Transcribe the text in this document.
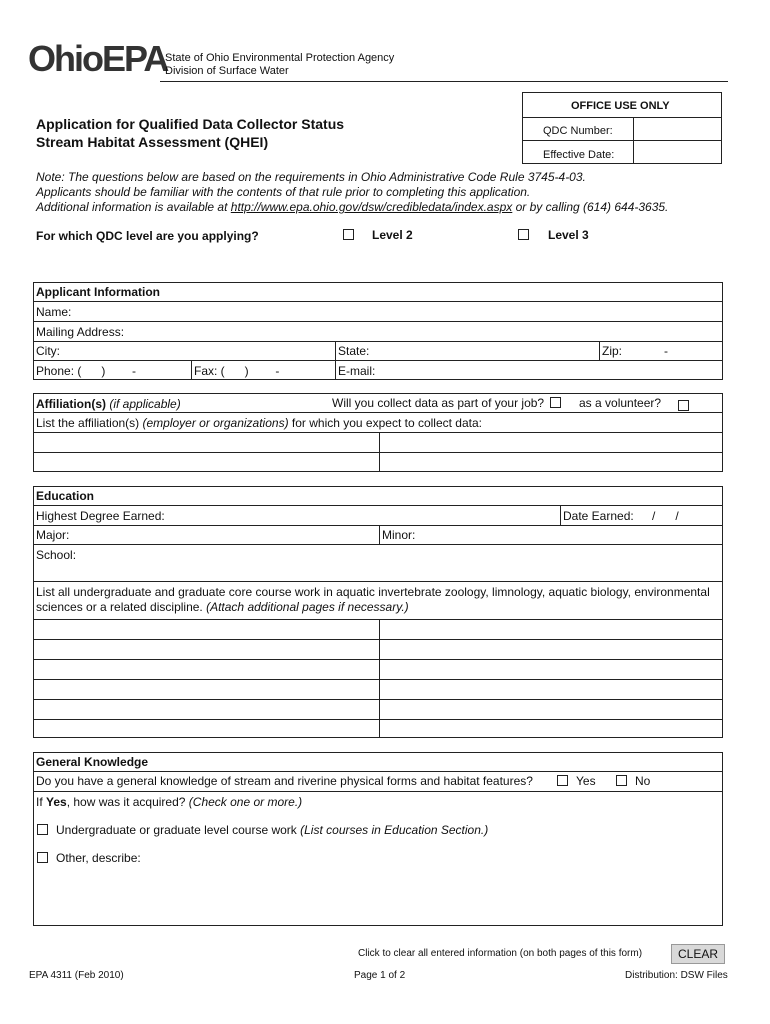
OhioEPA
State of Ohio Environmental Protection Agency
Division of Surface Water
OFFICE USE ONLY
QDC Number:
Effective Date:
Application for Qualified Data Collector Status
Stream Habitat Assessment (QHEI)
Note: The questions below are based on the requirements in Ohio Administrative Code Rule 3745-4-03.
Applicants should be familiar with the contents of that rule prior to completing this application.
Additional information is available at http://www.epa.ohio.gov/dsw/credibledata/index.aspx or by calling (614) 644-3635.
For which QDC level are you applying?	Level 2	Level 3
Applicant Information
Name:
Mailing Address:
City:	State:	Zip:	-
Phone: (      )        -	Fax: (      )        -	E-mail:
Affiliation(s) (if applicable)	Will you collect data as part of your job?	as a volunteer?
List the affiliation(s) (employer or organizations) for which you expect to collect data:
Education
Highest Degree Earned:	Date Earned: /      /
Major:	Minor:
School:
List all undergraduate and graduate core course work in aquatic invertebrate zoology, limnology, aquatic biology, environmental
sciences or a related discipline. (Attach additional pages if necessary.)
General Knowledge
Do you have a general knowledge of stream and riverine physical forms and habitat features?	Yes	No
If Yes, how was it acquired? (Check one or more.)
Undergraduate or graduate level course work (List courses in Education Section.)
Other, describe:
Click to clear all entered information (on both pages of this form)	CLEAR
EPA 4311 (Feb 2010)	Page 1 of 2	Distribution: DSW Files
